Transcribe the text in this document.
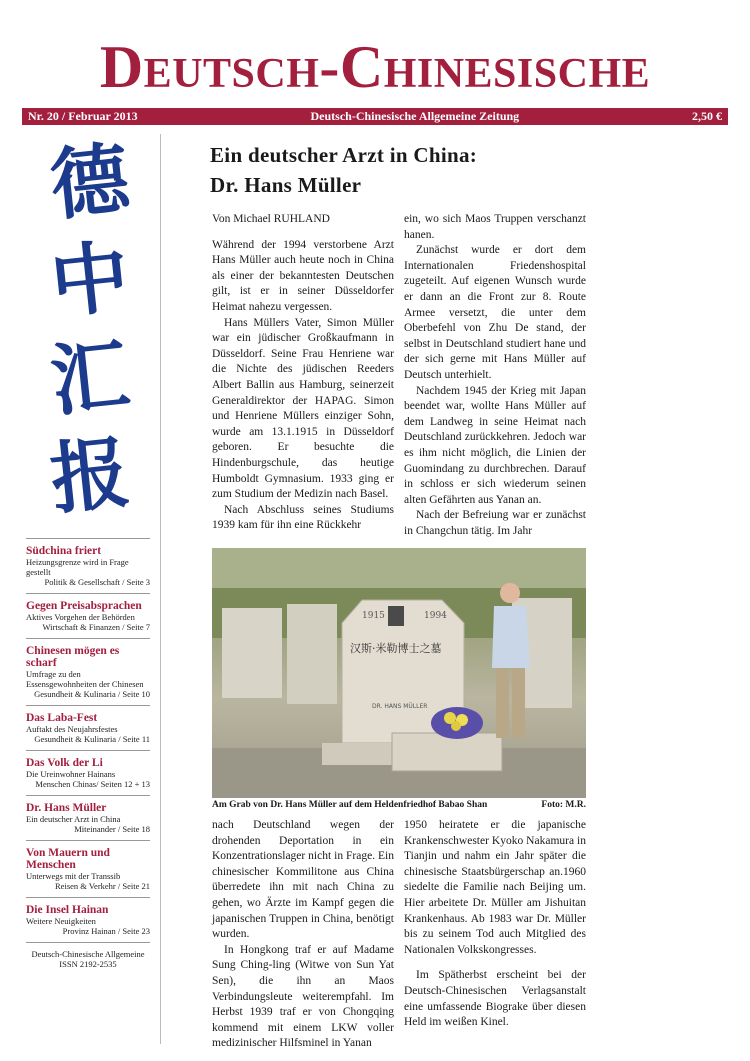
Deutsch-Chinesische
Nr. 20 / Februar 2013	Deutsch-Chinesische Allgemeine Zeitung	2,50 €
德
中
汇
报
Südchina friert
Heizungsgrenze wird in Frage gestellt
Politik & Gesellschaft / Seite 3
Gegen Preisabsprachen
Aktives Vorgehen der Behörden
Wirtschaft & Finanzen / Seite 7
Chinesen mögen es scharf
Umfrage zu den Essensgewohnheiten der Chinesen
Gesundheit & Kulinaria / Seite 10
Das Laba-Fest
Auftakt des Neujahrsfestes
Gesundheit & Kulinaria / Seite 11
Das Volk der Li
Die Ureinwohner Hainans
Menschen Chinas/ Seiten 12 + 13
Dr. Hans Müller
Ein deutscher Arzt in China
Miteinander / Seite 18
Von Mauern und Menschen
Unterwegs mit der Transsib
Reisen & Verkehr / Seite 21
Die Insel Hainan
Weitere Neuigkeiten
Provinz Hainan / Seite 23
Deutsch-Chinesische Allgemeine
ISSN 2192-2535
Ein deutscher Arzt in China:
Dr. Hans Müller

Von Michael RUHLAND

Während der 1994 verstorbene Arzt Hans Müller auch heute noch in China als einer der bekanntesten Deutschen gilt, ist er in seiner Düsseldorfer Heimat nahezu vergessen.

Hans Müllers Vater, Simon Müller war ein jüdischer Großkaufmann in Düsseldorf. Seine Frau Henriene war die Nichte des jüdischen Reeders Albert Ballin aus Hamburg, seinerzeit Generaldirektor der HAPAG. Simon und Henriene Müllers einziger Sohn, wurde am 13.1.1915 in Düsseldorf geboren. Er besuchte die Hindenburgschule, das heutige Humboldt Gymnasium. 1933 ging er zum Studium der Medizin nach Basel.

Nach Abschluss seines Studiums 1939 kam für ihn eine Rückkehr

ein, wo sich Maos Truppen verschanzt hanen.

Zunächst wurde er dort dem Internationalen Friedenshospital zugeteilt. Auf eigenen Wunsch wurde er dann an die Front zur 8. Route Armee versetzt, die unter dem Oberbefehl von Zhu De stand, der selbst in Deutschland studiert hane und der sich gerne mit Hans Müller auf Deutsch unterhielt.

Nachdem 1945 der Krieg mit Japan beendet war, wollte Hans Müller auf dem Landweg in seine Heimat nach Deutschland zurückkehren. Jedoch war es ihm nicht möglich, die Linien der Guomindang zu durchbrechen. Darauf in schloss er sich wiederum seinen alten Gefährten aus Yanan an.

Nach der Befreiung war er zunächst in Changchun tätig. Im Jahr

1915	1994
汉斯·米勒博士之墓
DR. HANS MÜLLER
Am Grab von Dr. Hans Müller auf dem Heldenfriedhof Babao Shan	Foto: M.R.

nach Deutschland wegen der drohenden Deportation in ein Konzentrationslager nicht in Frage. Ein chinesischer Kommilitone aus China überredete ihn mit nach China zu gehen, wo Ärzte im Kampf gegen die japanischen Truppen in China, benötigt wurden.

In Hongkong traf er auf Madame Sung Ching-ling (Witwe von Sun Yat Sen), die ihn an Maos Verbindungsleute weiterempfahl. Im Herbst 1939 traf er von Chongqing kommend mit einem LKW voller medizinischer Hilfsminel in Yanan

1950 heiratete er die japanische Krankenschwester Kyoko Nakamura in Tianjin und nahm ein Jahr später die chinesische Staatsbürgerschap an.1960 siedelte die Familie nach Beijing um. Hier arbeitete Dr. Müller am Jishuitan Krankenhaus. Ab 1983 war Dr. Müller bis zu seinem Tod auch Mitglied des Nationalen Volkskongresses.

Im Spätherbst erscheint bei der Deutsch-Chinesischen Verlagsanstalt eine umfassende Biograke über diesen Held im weißen Kinel.
